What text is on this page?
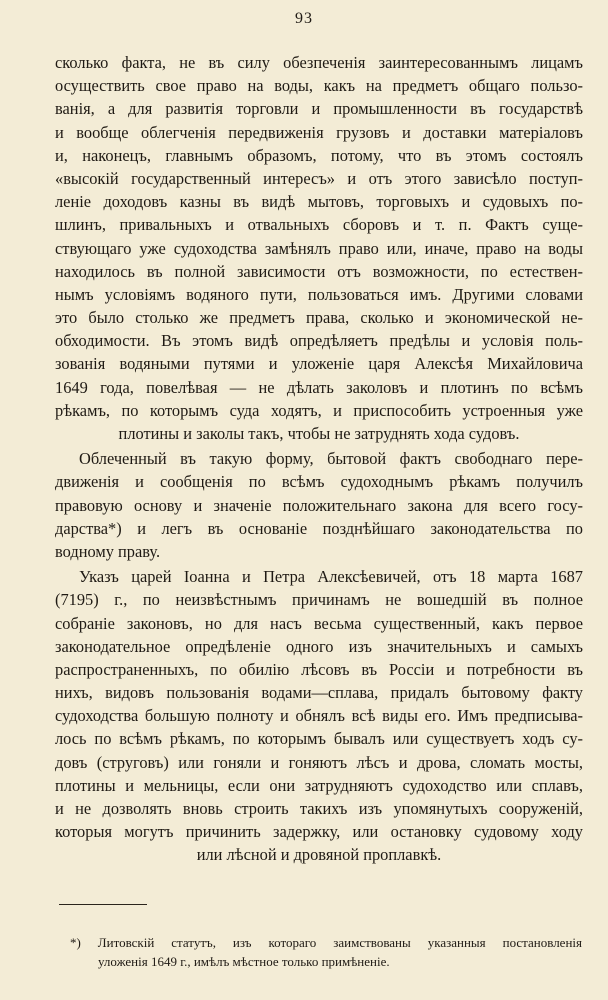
93
сколько факта, не въ силу обезпеченія заинтересованнымъ лицамъ
осуществить свое право на воды, какъ на предметъ общаго пользо-
ванія, а для развитія торговли и промышленности въ государствѣ
и вообще облегченія передвиженія грузовъ и доставки матеріаловъ
и, наконецъ, главнымъ образомъ, потому, что въ этомъ состоялъ
«высокій государственный интересъ» и отъ этого зависѣло поступ-
леніе доходовъ казны въ видѣ мытовъ, торговыхъ и судовыхъ по-
шлинъ, привальныхъ и отвальныхъ сборовъ и т. п. Фактъ суще-
ствующаго уже судоходства замѣнялъ право или, иначе, право на воды
находилось въ полной зависимости отъ возможности, по естествен-
нымъ условіямъ водяного пути, пользоваться имъ. Другими словами
это было столько же предметъ права, сколько и экономической не-
обходимости. Въ этомъ видѣ опредѣляетъ предѣлы и условія поль-
зованія водяными путями и уложеніе царя Алексѣя Михайловича
1649 года, повелѣвая — не дѣлать заколовъ и плотинъ по всѣмъ
рѣкамъ, по которымъ суда ходятъ, и приспособить устроенныя уже
плотины и заколы такъ, чтобы не затруднять хода судовъ.
Облеченный въ такую форму, бытовой фактъ свободнаго пере-
движенія и сообщенія по всѣмъ судоходнымъ рѣкамъ получилъ
правовую основу и значеніе положительнаго закона для всего госу-
дарства*) и легъ въ основаніе позднѣйшаго законодательства по
водному праву.
Указъ царей Іоанна и Петра Алексѣевичей, отъ 18 марта 1687
(7195) г., по неизвѣстнымъ причинамъ не вошедшій въ полное
собраніе законовъ, но для насъ весьма существенный, какъ первое
законодательное опредѣленіе одного изъ значительныхъ и самыхъ
распространенныхъ, по обилію лѣсовъ въ Россіи и потребности въ
нихъ, видовъ пользованія водами—сплава, придалъ бытовому факту
судоходства большую полноту и обнялъ всѣ виды его. Имъ предписыва-
лось по всѣмъ рѣкамъ, по которымъ бывалъ или существуетъ ходъ су-
довъ (струговъ) или гоняли и гоняютъ лѣсъ и дрова, сломать мосты,
плотины и мельницы, если они затрудняютъ судоходство или сплавъ,
и не дозволять вновь строить такихъ изъ упомянутыхъ сооруженій,
которыя могутъ причинить задержку, или остановку судовому ходу
или лѣсной и дровяной проплавкѣ.
*) Литовскій статутъ, изъ котораго заимствованы указанныя постановленія
уложенія 1649 г., имѣлъ мѣстное только примѣненіе.
